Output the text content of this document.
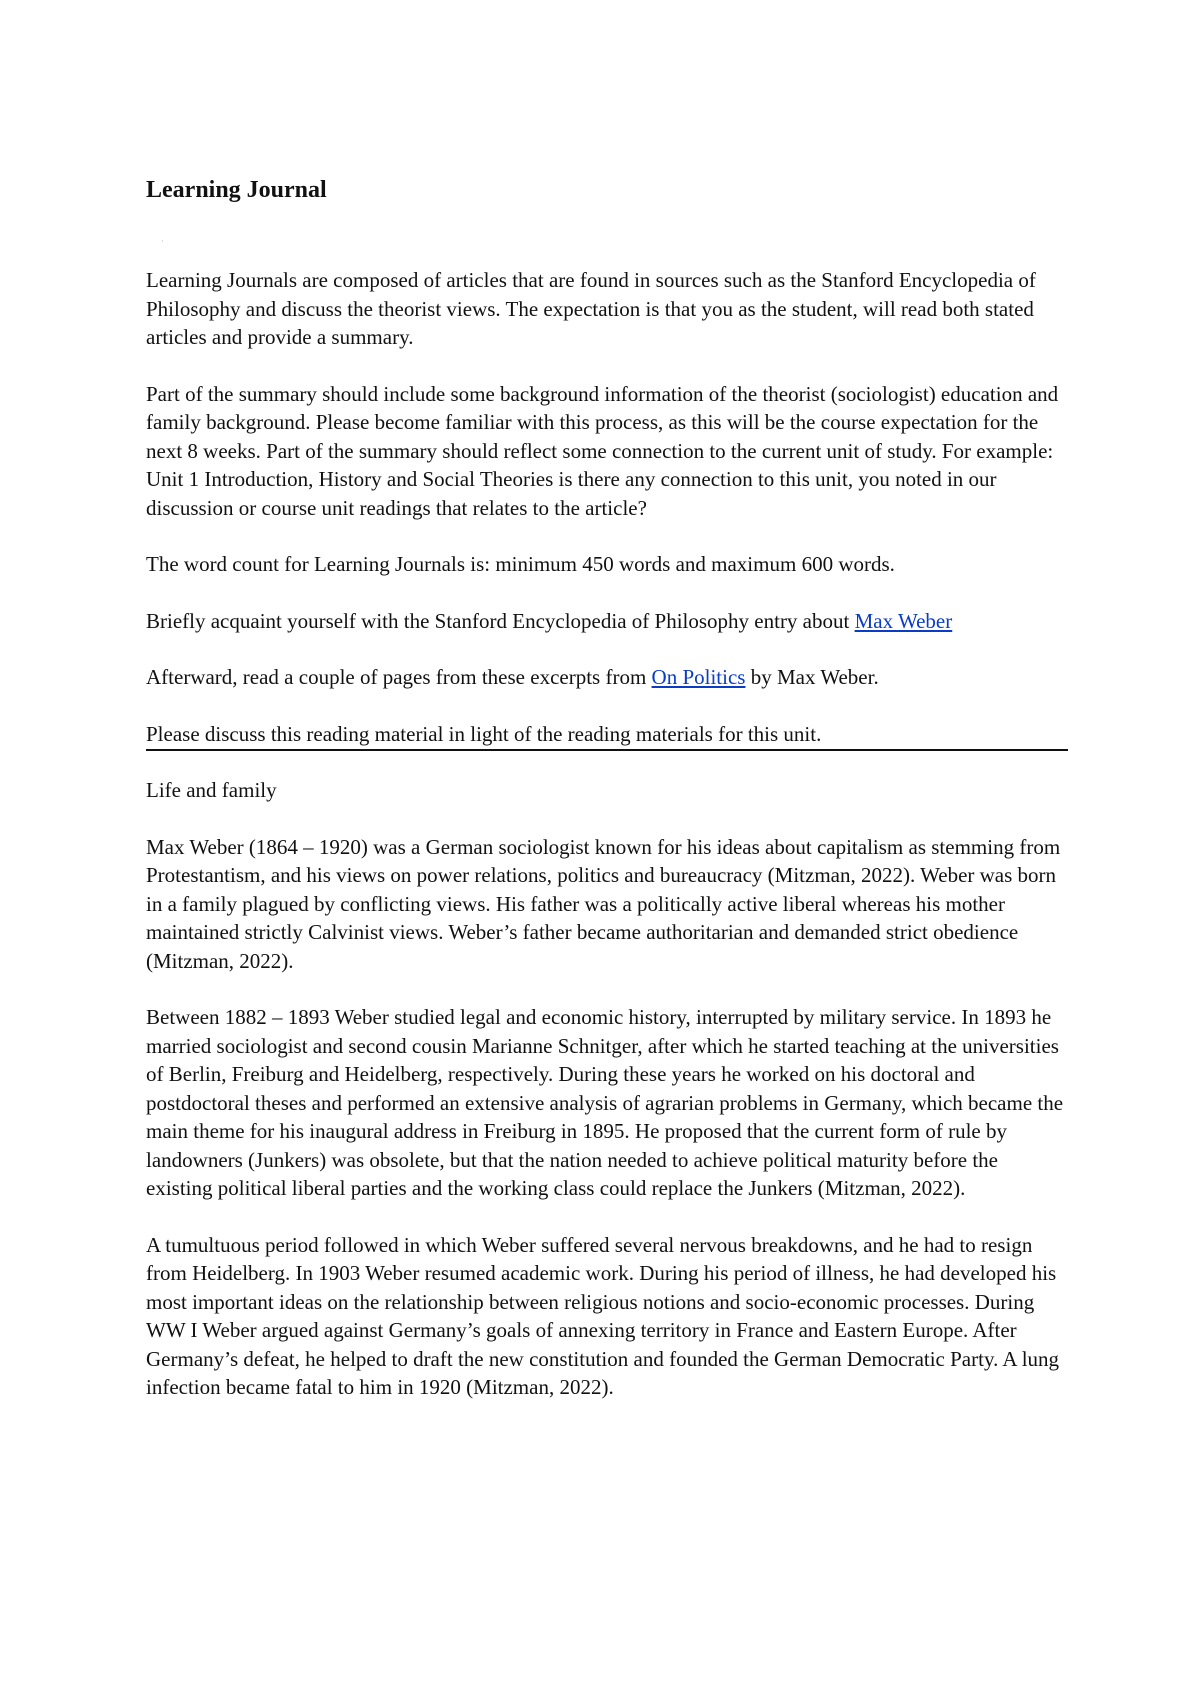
Learning Journal
·

Learning Journals are composed of articles that are found in sources such as the Stanford Encyclopedia of Philosophy and discuss the theorist views. The expectation is that you as the student, will read both stated articles and provide a summary.

Part of the summary should include some background information of the theorist (sociologist) education and family background. Please become familiar with this process, as this will be the course expectation for the next 8 weeks. Part of the summary should reflect some connection to the current unit of study. For example: Unit 1 Introduction, History and Social Theories is there any connection to this unit, you noted in our discussion or course unit readings that relates to the article?

The word count for Learning Journals is: minimum 450 words and maximum 600 words.

Briefly acquaint yourself with the Stanford Encyclopedia of Philosophy entry about Max Weber

Afterward, read a couple of pages from these excerpts from On Politics by Max Weber.

Please discuss this reading material in light of the reading materials for this unit.

Life and family

Max Weber (1864 – 1920) was a German sociologist known for his ideas about capitalism as stemming from Protestantism, and his views on power relations, politics and bureaucracy (Mitzman, 2022). Weber was born in a family plagued by conflicting views. His father was a politically active liberal whereas his mother maintained strictly Calvinist views. Weber’s father became authoritarian and demanded strict obedience (Mitzman, 2022).

Between 1882 – 1893 Weber studied legal and economic history, interrupted by military service. In 1893 he married sociologist and second cousin Marianne Schnitger, after which he started teaching at the universities of Berlin, Freiburg and Heidelberg, respectively. During these years he worked on his doctoral and postdoctoral theses and performed an extensive analysis of agrarian problems in Germany, which became the main theme for his inaugural address in Freiburg in 1895. He proposed that the current form of rule by landowners (Junkers) was obsolete, but that the nation needed to achieve political maturity before the existing political liberal parties and the working class could replace the Junkers (Mitzman, 2022).

A tumultuous period followed in which Weber suffered several nervous breakdowns, and he had to resign from Heidelberg. In 1903 Weber resumed academic work. During his period of illness, he had developed his most important ideas on the relationship between religious notions and socio-economic processes. During WW I Weber argued against Germany’s goals of annexing territory in France and Eastern Europe. After Germany’s defeat, he helped to draft the new constitution and founded the German Democratic Party. A lung infection became fatal to him in 1920 (Mitzman, 2022).
